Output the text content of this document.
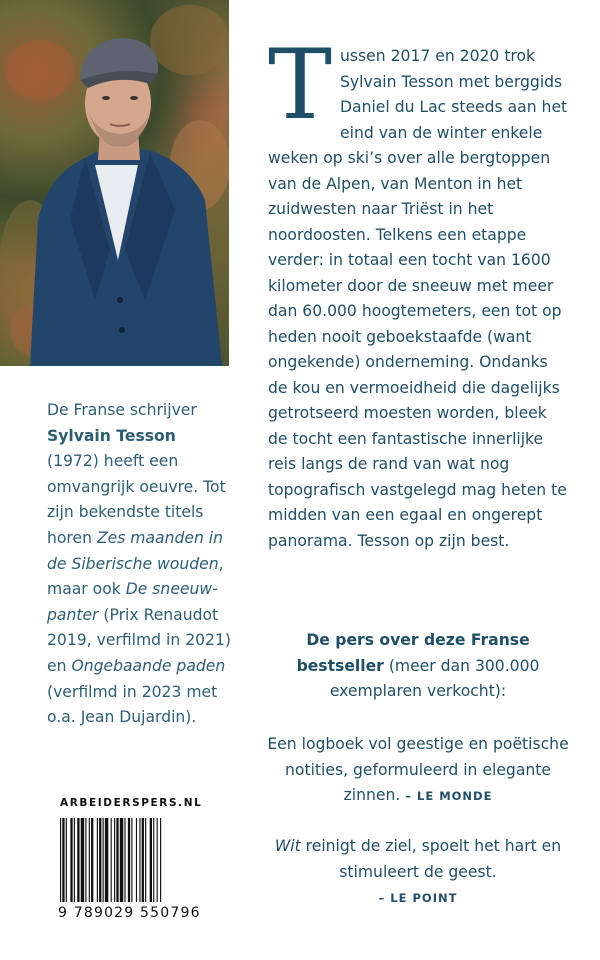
De Franse schrijver Sylvain Tesson (1972) heeft een omvangrijk oeuvre. Tot zijn bekendste titels horen Zes maanden in de Siberische wouden, maar ook De sneeuwpanter (Prix Renaudot 2019, verfilmd in 2021) en Ongebaande paden (verfilmd in 2023 met o.a. Jean Dujardin).

ARBEIDERSPERS.NL
9 789029 550796

Tussen 2017 en 2020 trok Sylvain Tesson met berggids Daniel du Lac steeds aan het eind van de winter enkele weken op ski’s over alle bergtoppen van de Alpen, van Menton in het zuidwesten naar Triëst in het noordoosten. Telkens een etappe verder: in totaal een tocht van 1600 kilometer door de sneeuw met meer dan 60.000 hoogtemeters, een tot op heden nooit geboekstaafde (want ongekende) onderneming. Ondanks de kou en vermoeidheid die dagelijks getrotseerd moesten worden, bleek de tocht een fantastische innerlijke reis langs de rand van wat nog topografisch vastgelegd mag heten te midden van een egaal en ongerept panorama. Tesson op zijn best.

De pers over deze Franse bestseller (meer dan 300.000 exemplaren verkocht):
Een logboek vol geestige en poëtische notities, geformuleerd in elegante zinnen. – LE MONDE
Wit reinigt de ziel, spoelt het hart en stimuleert de geest.
– LE POINT
